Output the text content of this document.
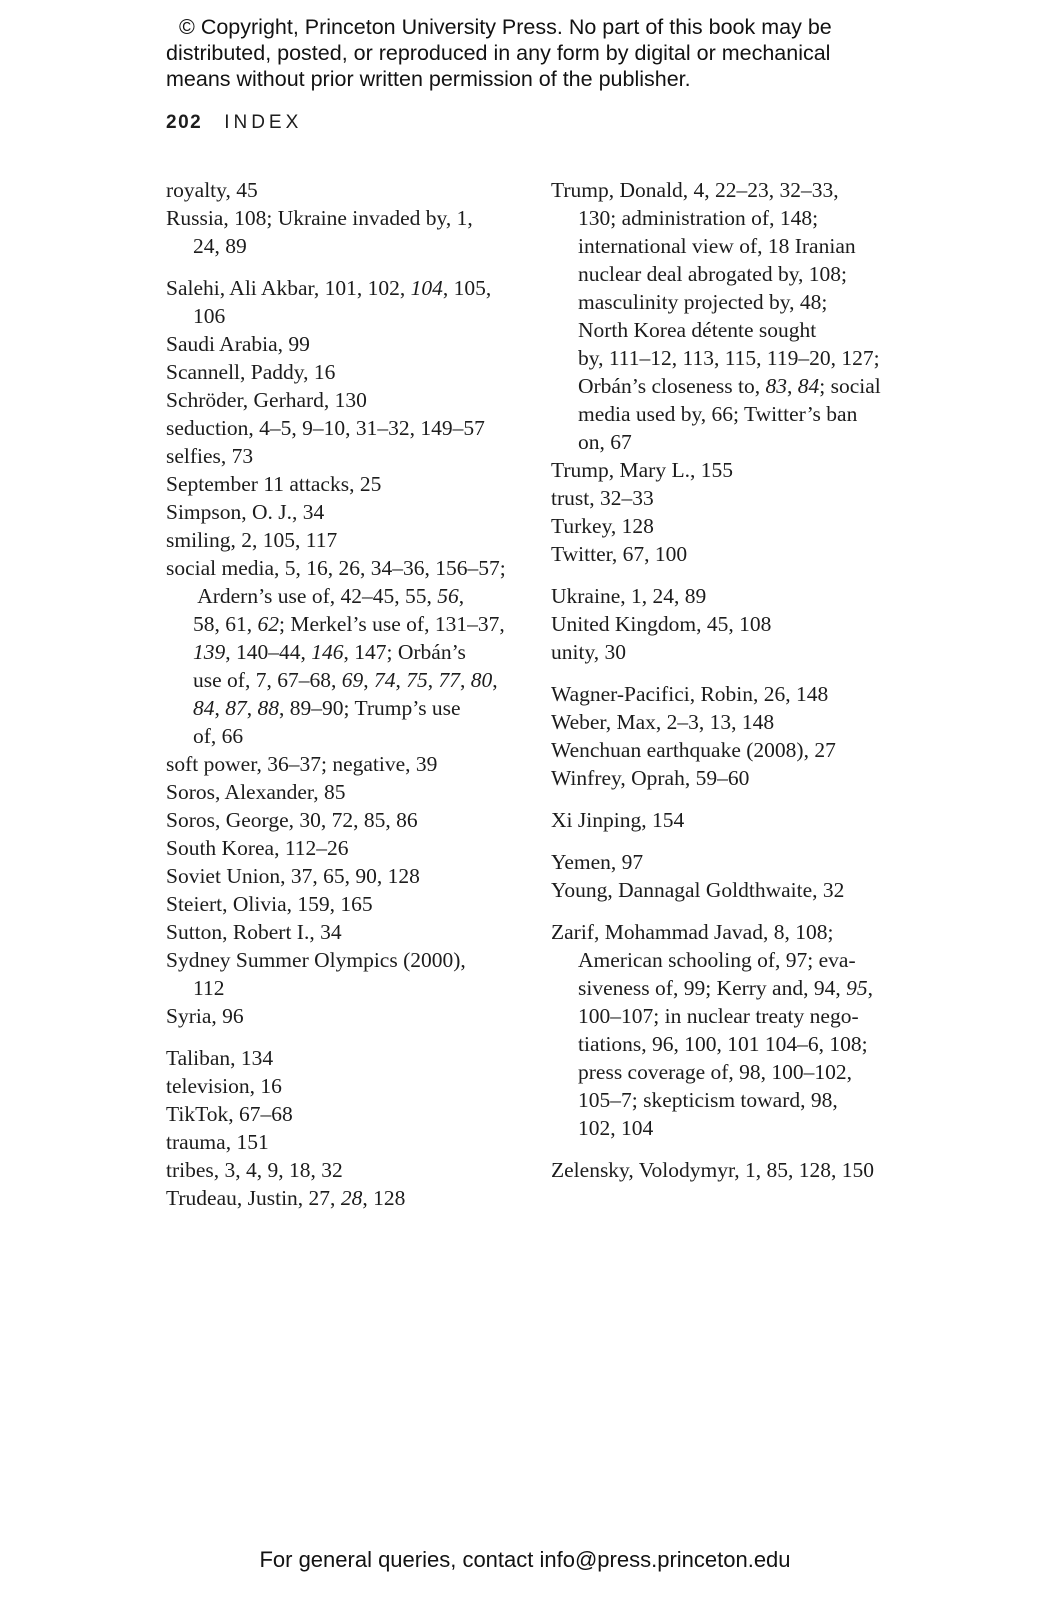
© Copyright, Princeton University Press. No part of this book may be
distributed, posted, or reproduced in any form by digital or mechanical
means without prior written permission of the publisher.
202 INDEX

royalty, 45

Russia, 108; Ukraine invaded by, 1,

24, 89

Salehi, Ali Akbar, 101, 102, 104, 105,

106

Saudi Arabia, 99

Scannell, Paddy, 16

Schröder, Gerhard, 130

seduction, 4–5, 9–10, 31–32, 149–57

selfies, 73

September 11 attacks, 25

Simpson, O. J., 34

smiling, 2, 105, 117

social media, 5, 16, 26, 34–36, 156–57;

Ardern’s use of, 42–45, 55, 56,

58, 61, 62; Merkel’s use of, 131–37,

139, 140–44, 146, 147; Orbán’s

use of, 7, 67–68, 69, 74, 75, 77, 80,

84, 87, 88, 89–90; Trump’s use

of, 66

soft power, 36–37; negative, 39

Soros, Alexander, 85

Soros, George, 30, 72, 85, 86

South Korea, 112–26

Soviet Union, 37, 65, 90, 128

Steiert, Olivia, 159, 165

Sutton, Robert I., 34

Sydney Summer Olympics (2000),

112

Syria, 96

Taliban, 134

television, 16

TikTok, 67–68

trauma, 151

tribes, 3, 4, 9, 18, 32

Trudeau, Justin, 27, 28, 128

Trump, Donald, 4, 22–23, 32–33,

130; administration of, 148;

international view of, 18 Iranian

nuclear deal abrogated by, 108;

masculinity projected by, 48;

North Korea détente sought

by, 111–12, 113, 115, 119–20, 127;

Orbán’s closeness to, 83, 84; social

media used by, 66; Twitter’s ban

on, 67

Trump, Mary L., 155

trust, 32–33

Turkey, 128

Twitter, 67, 100

Ukraine, 1, 24, 89

United Kingdom, 45, 108

unity, 30

Wagner-Pacifici, Robin, 26, 148

Weber, Max, 2–3, 13, 148

Wenchuan earthquake (2008), 27

Winfrey, Oprah, 59–60

Xi Jinping, 154

Yemen, 97

Young, Dannagal Goldthwaite, 32

Zarif, Mohammad Javad, 8, 108;

American schooling of, 97; eva-

siveness of, 99; Kerry and, 94, 95,

100–107; in nuclear treaty nego-

tiations, 96, 100, 101 104–6, 108;

press coverage of, 98, 100–102,

105–7; skepticism toward, 98,

102, 104

Zelensky, Volodymyr, 1, 85, 128, 150

For general queries, contact info@press.princeton.edu
